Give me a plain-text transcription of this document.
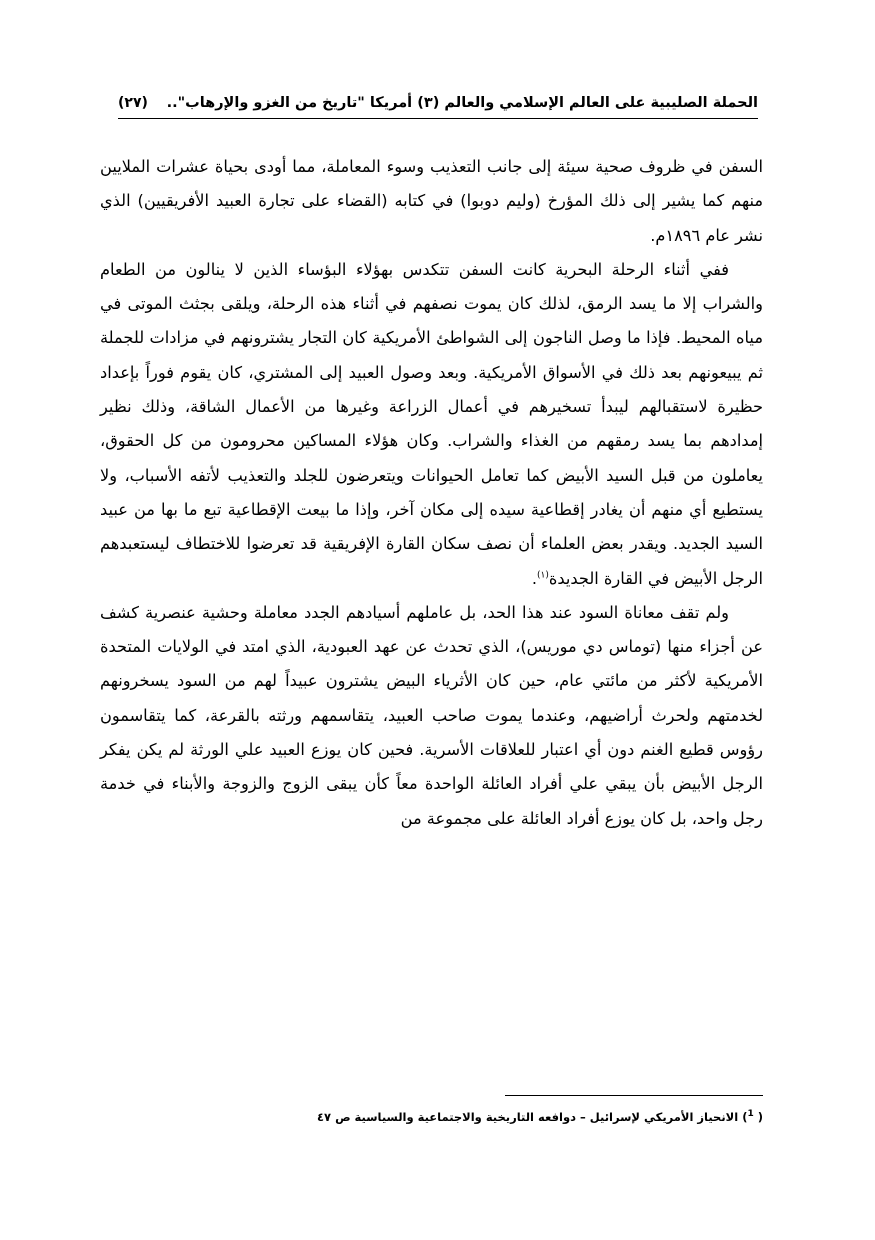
الحملة الصليبية على العالم الإسلامي والعالم (٣) أمريكا "تاريخ من الغزو والإرهاب"..
(٢٧)

السفن في ظروف صحية سيئة إلى جانب التعذيب وسوء المعاملة، مما أودى بحياة عشرات الملايين منهم كما يشير إلى ذلك المؤرخ (وليم دوبوا) في كتابه (القضاء على تجارة العبيد الأفريقيين) الذي نشر عام ١٨٩٦م.

ففي أثناء الرحلة البحرية كانت السفن تتكدس بهؤلاء البؤساء الذين لا ينالون من الطعام والشراب إلا ما يسد الرمق، لذلك كان يموت نصفهم في أثناء هذه الرحلة، ويلقى بجثث الموتى في مياه المحيط. فإذا ما وصل الناجون إلى الشواطئ الأمريكية كان التجار يشترونهم في مزادات للجملة ثم يبيعونهم بعد ذلك في الأسواق الأمريكية. وبعد وصول العبيد إلى المشتري، كان يقوم فوراً بإعداد حظيرة لاستقبالهم ليبدأ تسخيرهم في أعمال الزراعة وغيرها من الأعمال الشاقة، وذلك نظير إمدادهم بما يسد رمقهم من الغذاء والشراب. وكان هؤلاء المساكين محرومون من كل الحقوق، يعاملون من قبل السيد الأبيض كما تعامل الحيوانات ويتعرضون للجلد والتعذيب لأتفه الأسباب، ولا يستطيع أي منهم أن يغادر إقطاعية سيده إلى مكان آخر، وإذا ما بيعت الإقطاعية تبع ما بها من عبيد السيد الجديد. ويقدر بعض العلماء أن نصف سكان القارة الإفريقية قد تعرضوا للاختطاف ليستعبدهم الرجل الأبيض في القارة الجديدة$^{(١)}$.

ولم تقف معاناة السود عند هذا الحد، بل عاملهم أسيادهم الجدد معاملة وحشية عنصرية كشف عن أجزاء منها (توماس دي موريس)، الذي تحدث عن عهد العبودية، الذي امتد في الولايات المتحدة الأمريكية لأكثر من مائتي عام، حين كان الأثرياء البيض يشترون عبيداً لهم من السود يسخرونهم لخدمتهم ولحرث أراضيهم، وعندما يموت صاحب العبيد، يتقاسمهم ورثته بالقرعة، كما يتقاسمون رؤوس قطيع الغنم دون أي اعتبار للعلاقات الأسرية. فحين كان يوزع العبيد علي الورثة لم يكن يفكر الرجل الأبيض بأن يبقي علي أفراد العائلة الواحدة معاً كأن يبقى الزوج والزوجة والأبناء في خدمة رجل واحد، بل كان يوزع أفراد العائلة على مجموعة من

( $^1$) الانحياز الأمريكي لإسرائيل – دوافعه التاريخية والاجتماعية والسياسية ص ٤٧
